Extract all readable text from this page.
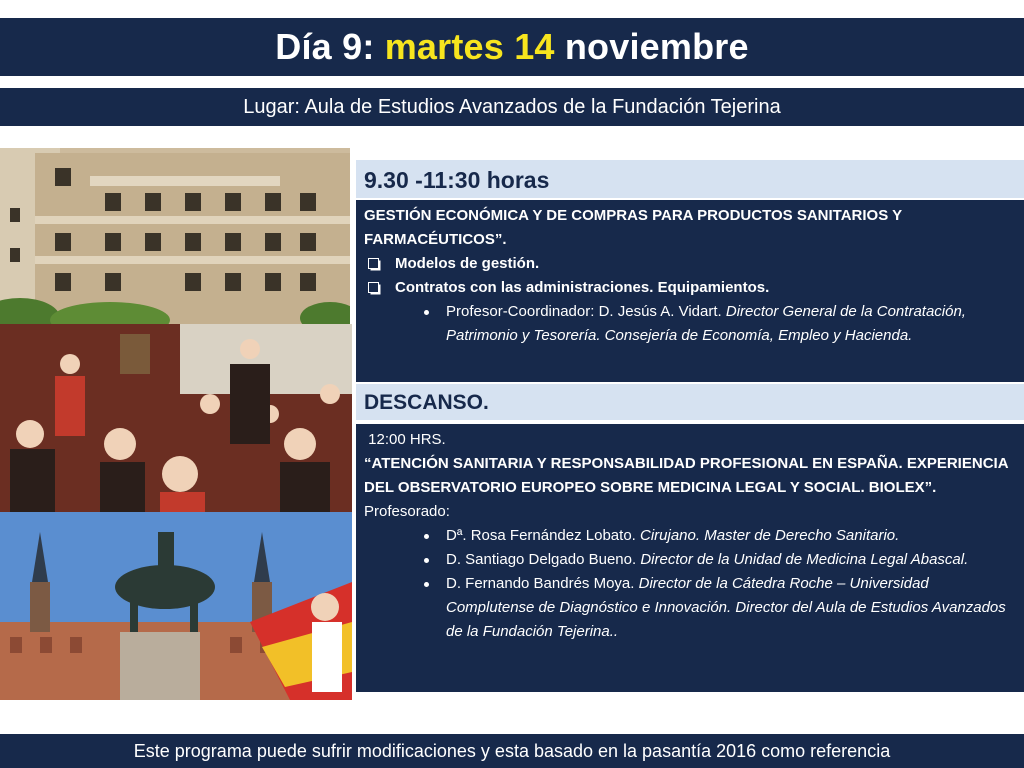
Día 9: martes 14 noviembre
Lugar: Aula de Estudios Avanzados de la Fundación Tejerina
9.30 -11:30 horas
GESTIÓN ECONÓMICA Y DE COMPRAS PARA PRODUCTOS SANITARIOS Y FARMACÉUTICOS”.
Modelos de gestión.
Contratos con las administraciones. Equipamientos.
Profesor-Coordinador: D. Jesús A. Vidart. Director General de la Contratación, Patrimonio y Tesorería. Consejería de Economía, Empleo y Hacienda.
DESCANSO.
12:00 HRS.
“ATENCIÓN SANITARIA Y RESPONSABILIDAD PROFESIONAL EN ESPAÑA. EXPERIENCIA DEL OBSERVATORIO EUROPEO SOBRE MEDICINA LEGAL Y SOCIAL. BIOLEX”.
Profesorado:
Dª. Rosa Fernández Lobato. Cirujano. Master de Derecho Sanitario.
D. Santiago Delgado Bueno. Director de la Unidad de Medicina Legal Abascal.
D. Fernando Bandrés Moya. Director de la Cátedra Roche – Universidad Complutense de Diagnóstico e Innovación. Director del Aula de Estudios Avanzados de la Fundación Tejerina..
Este programa puede sufrir modificaciones y esta basado en la pasantía 2016 como referencia
